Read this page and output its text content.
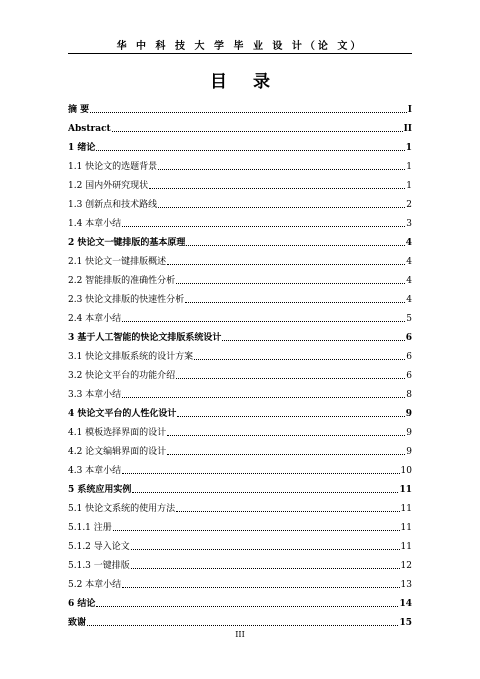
华 中 科 技 大 学 毕 业 设 计（论 文）
目 录
摘 要	I
Abstract	II
1 绪论	1
1.1 快论文的选题背景	1
1.2 国内外研究现状	1
1.3 创新点和技术路线	2
1.4 本章小结	3
2 快论文一键排版的基本原理	4
2.1 快论文一键排版概述	4
2.2 智能排版的准确性分析	4
2.3 快论文排版的快速性分析	4
2.4 本章小结	5
3 基于人工智能的快论文排版系统设计	6
3.1 快论文排版系统的设计方案	6
3.2 快论文平台的功能介绍	6
3.3 本章小结	8
4 快论文平台的人性化设计	9
4.1 模板选择界面的设计	9
4.2 论文编辑界面的设计	9
4.3 本章小结	10
5 系统应用实例	11
5.1 快论文系统的使用方法	11
5.1.1 注册	11
5.1.2 导入论文	11
5.1.3 一键排版	12
5.2 本章小结	13
6 结论	14
致谢	15
III
